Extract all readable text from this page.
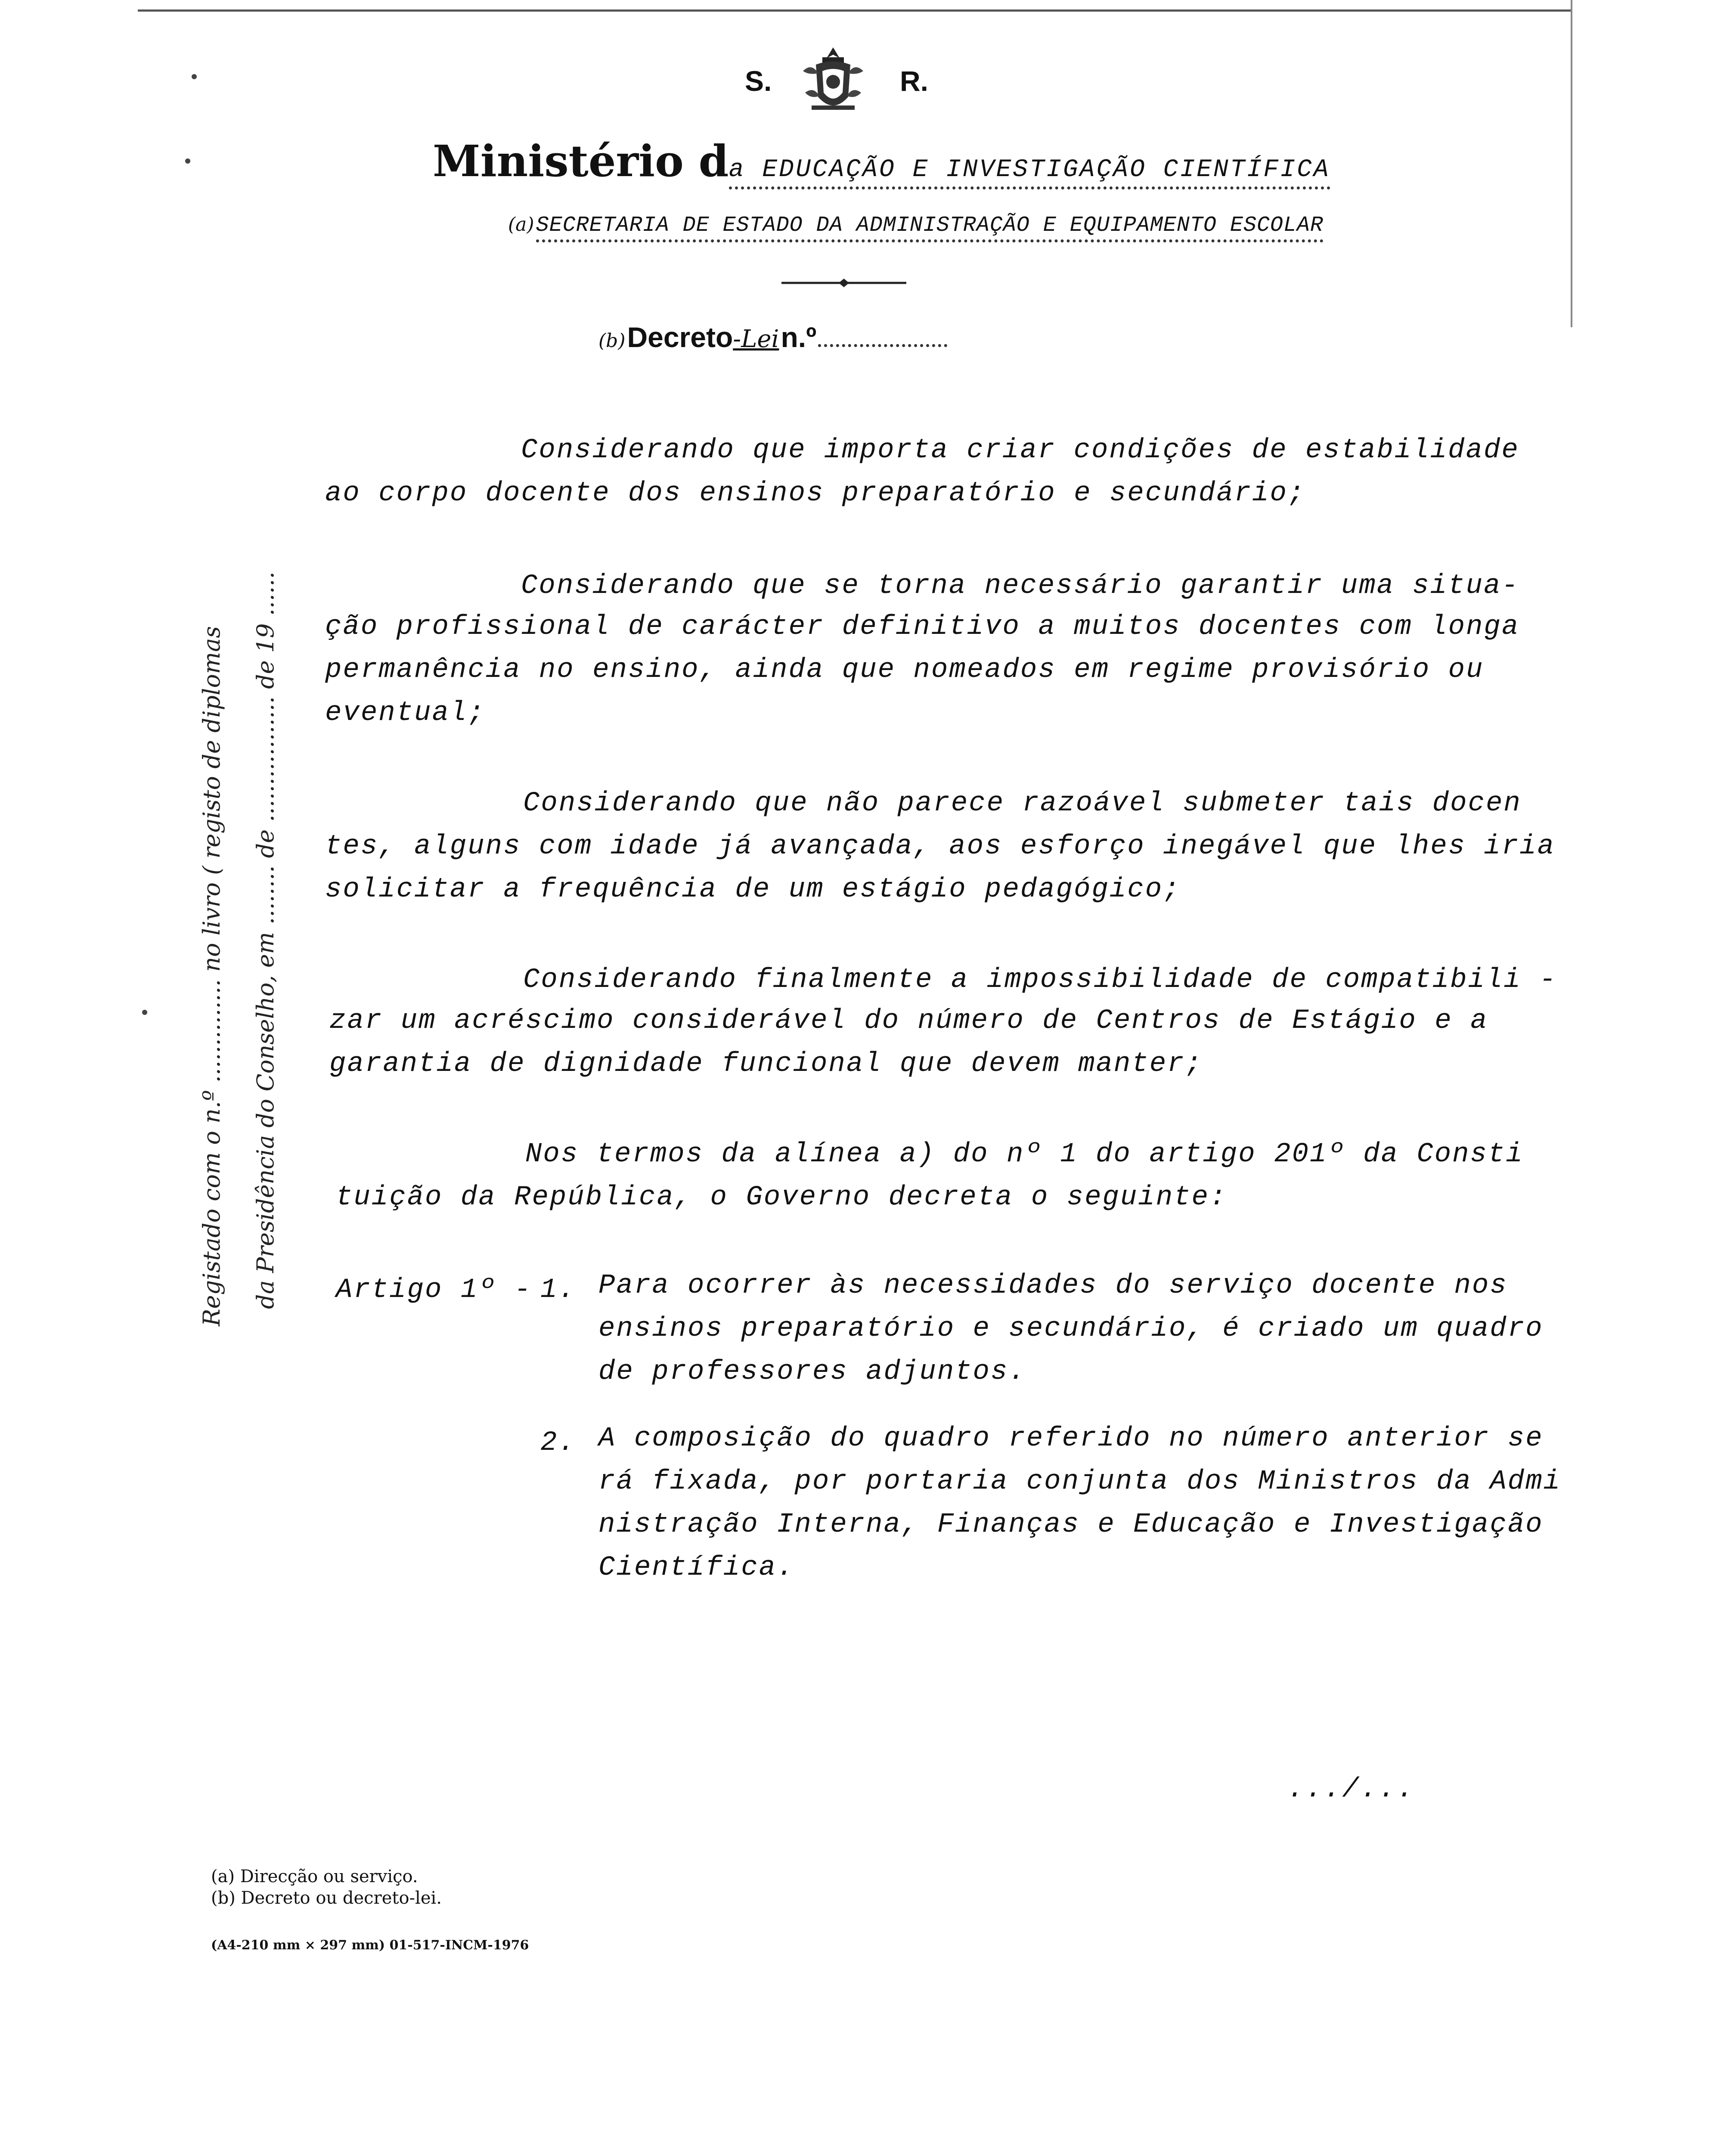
S.	R.
Ministério da EDUCAÇÃO E INVESTIGAÇÃO CIENTÍFICA
(a) SECRETARIA DE ESTADO DA ADMINISTRAÇÃO E EQUIPAMENTO ESCOLAR
(b) Decreto-Lei n.º
Registado com o n.º .............. no livro ( registo de diplomas da Presidência do Conselho, em ........ de ................. de 19 ......
Considerando que importa criar condições de estabilidade
ao corpo docente dos ensinos preparatório e secundário;
Considerando que se torna necessário garantir uma situa-
ção profissional de carácter definitivo a muitos docentes com longa
permanência no ensino, ainda que nomeados em regime provisório ou
eventual;
Considerando que não parece razoável submeter tais docen
tes, alguns com idade já avançada, aos esforço inegável que lhes iria
solicitar a frequência de um estágio pedagógico;
Considerando finalmente a impossibilidade de compatibili -
zar um acréscimo considerável do número de Centros de Estágio e a
garantia de dignidade funcional que devem manter;
Nos termos da alínea a) do nº 1 do artigo 201º da Consti
tuição da República, o Governo decreta o seguinte:
Artigo 1º - 1. Para ocorrer às necessidades do serviço docente nos
ensinos preparatório e secundário, é criado um quadro
de professores adjuntos.
2. A composição do quadro referido no número anterior se
rá fixada, por portaria conjunta dos Ministros da Admi
nistração Interna, Finanças e Educação e Investigação
Científica.
.../...
(a) Direcção ou serviço.
(b) Decreto ou decreto-lei.
(A4-210 mm × 297 mm) 01-517-INCM-1976
